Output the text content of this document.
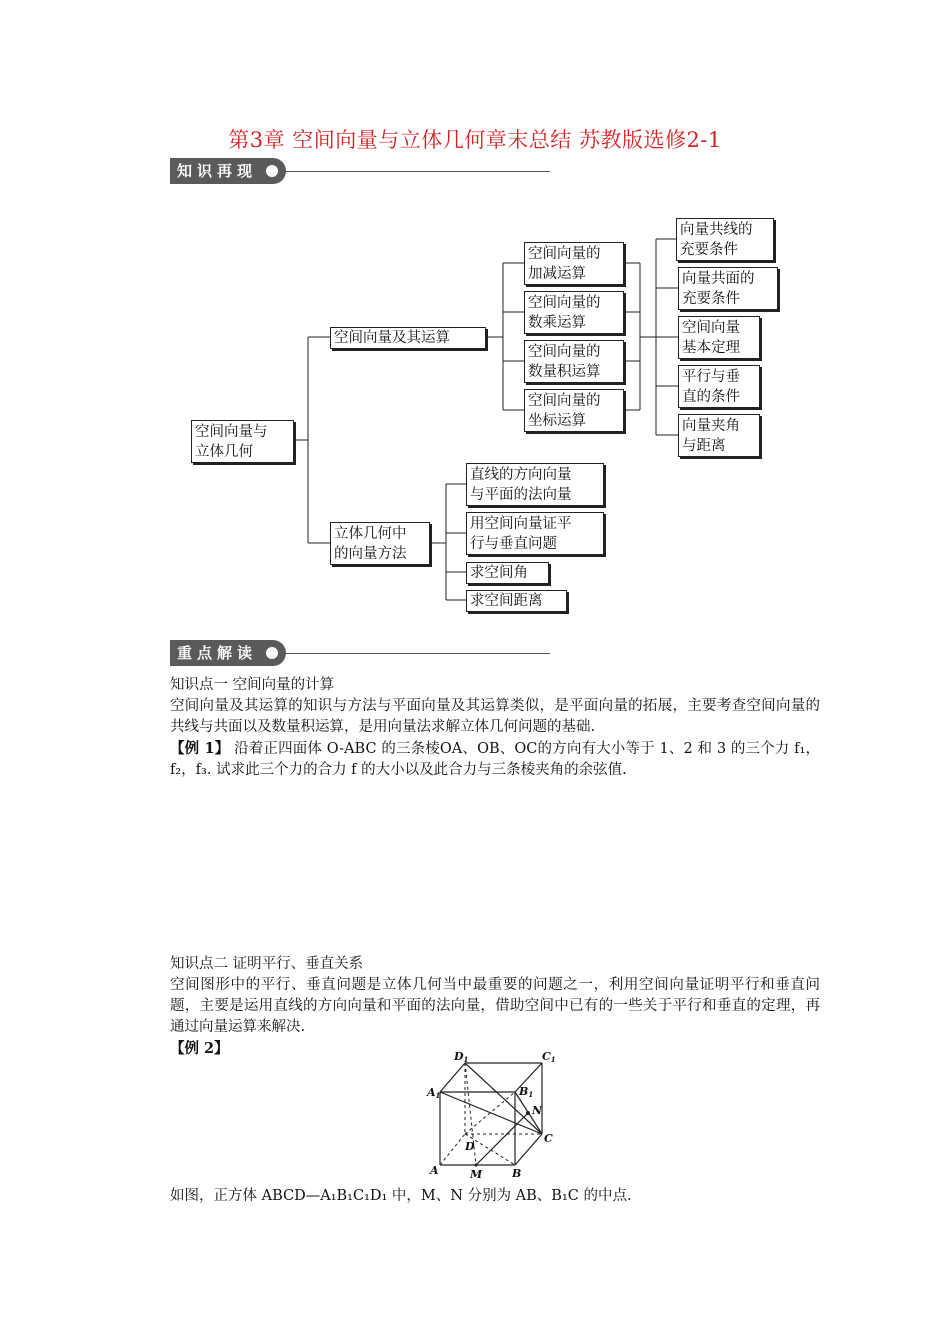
第3章 空间向量与立体几何章末总结 苏教版选修2-1
知识再现
空间向量与
立体几何
空间向量及其运算
空间向量的
加减运算
空间向量的
数乘运算
空间向量的
数量积运算
空间向量的
坐标运算
向量共线的
充要条件
向量共面的
充要条件
空间向量
基本定理
平行与垂
直的条件
向量夹角
与距离
立体几何中
的向量方法
直线的方向向量
与平面的法向量
用空间向量证平
行与垂直问题
求空间角
求空间距离
重点解读
知识点一 空间向量的计算
空间向量及其运算的知识与方法与平面向量及其运算类似，是平面向量的拓展，主要考查空间向量的共线与共面以及数量积运算，是用向量法求解立体几何问题的基础.
【例 1】 沿着正四面体 O-ABC 的三条棱OA、OB、OC的方向有大小等于 1、2 和 3 的三个力 f₁，f₂，f₃. 试求此三个力的合力 f 的大小以及此合力与三条棱夹角的余弦值.
知识点二 证明平行、垂直关系
空间图形中的平行、垂直问题是立体几何当中最重要的问题之一，利用空间向量证明平行和垂直问题，主要是运用直线的方向向量和平面的法向量，借助空间中已有的一些关于平行和垂直的定理，再通过向量运算来解决.
【例 2】	D1	C1
A1	B1
N
C
D
A	M	B
如图，正方体 ABCD—A₁B₁C₁D₁ 中，M、N 分别为 AB、B₁C 的中点.
